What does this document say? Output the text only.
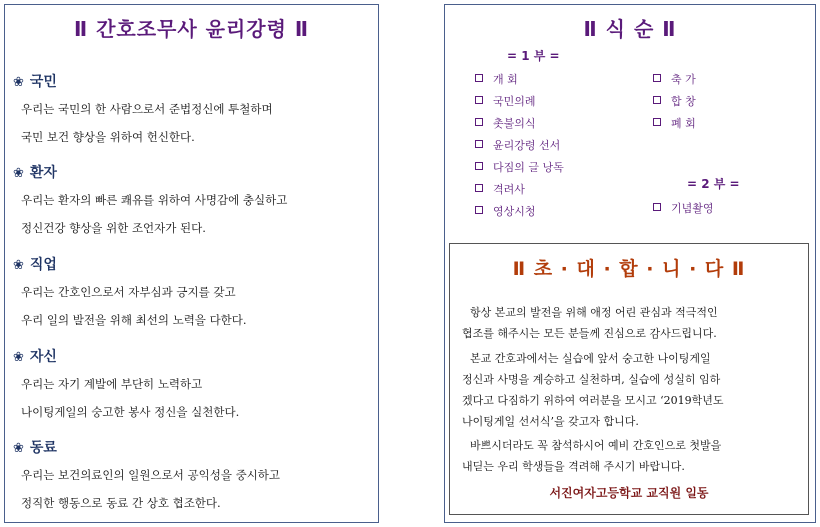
Ⅱ 간호조무사 윤리강령 Ⅱ
❀ 국민
우리는 국민의 한 사람으로서 준법정신에 투철하며
국민 보건 향상을 위하여 헌신한다.
❀ 환자
우리는 환자의 빠른 쾌유를 위하여 사명감에 충실하고
정신건강 향상을 위한 조언자가 된다.
❀ 직업
우리는 간호인으로서 자부심과 긍지를 갖고
우리 일의 발전을 위해 최선의 노력을 다한다.
❀ 자신
우리는 자기 계발에 부단히 노력하고
나이팅게일의 숭고한 봉사 정신을 실천한다.
❀ 동료
우리는 보건의료인의 일원으로서 공익성을 중시하고
정직한 행동으로 동료 간 상호 협조한다.
Ⅱ 식 순 Ⅱ
= 1 부 =
개 회
국민의례
촛불의식
윤리강령 선서
다짐의 글 낭독
격려사
영상시청
축 가
합 창
폐 회
= 2 부 =
기념촬영
Ⅱ 초 · 대 · 합 · 니 · 다 Ⅱ
항상 본교의 발전을 위해 애정 어린 관심과 적극적인
협조를 해주시는 모든 분들께 진심으로 감사드립니다.
본교 간호과에서는 실습에 앞서 숭고한 나이팅게일
정신과 사명을 계승하고 실천하며, 실습에 성실히 임하
겠다고 다짐하기 위하여 여러분을 모시고 ‘2019학년도
나이팅게일 선서식’을 갖고자 합니다.
바쁘시더라도 꼭 참석하시어 예비 간호인으로 첫발을
내딛는 우리 학생들을 격려해 주시기 바랍니다.
서진여자고등학교 교직원 일동
